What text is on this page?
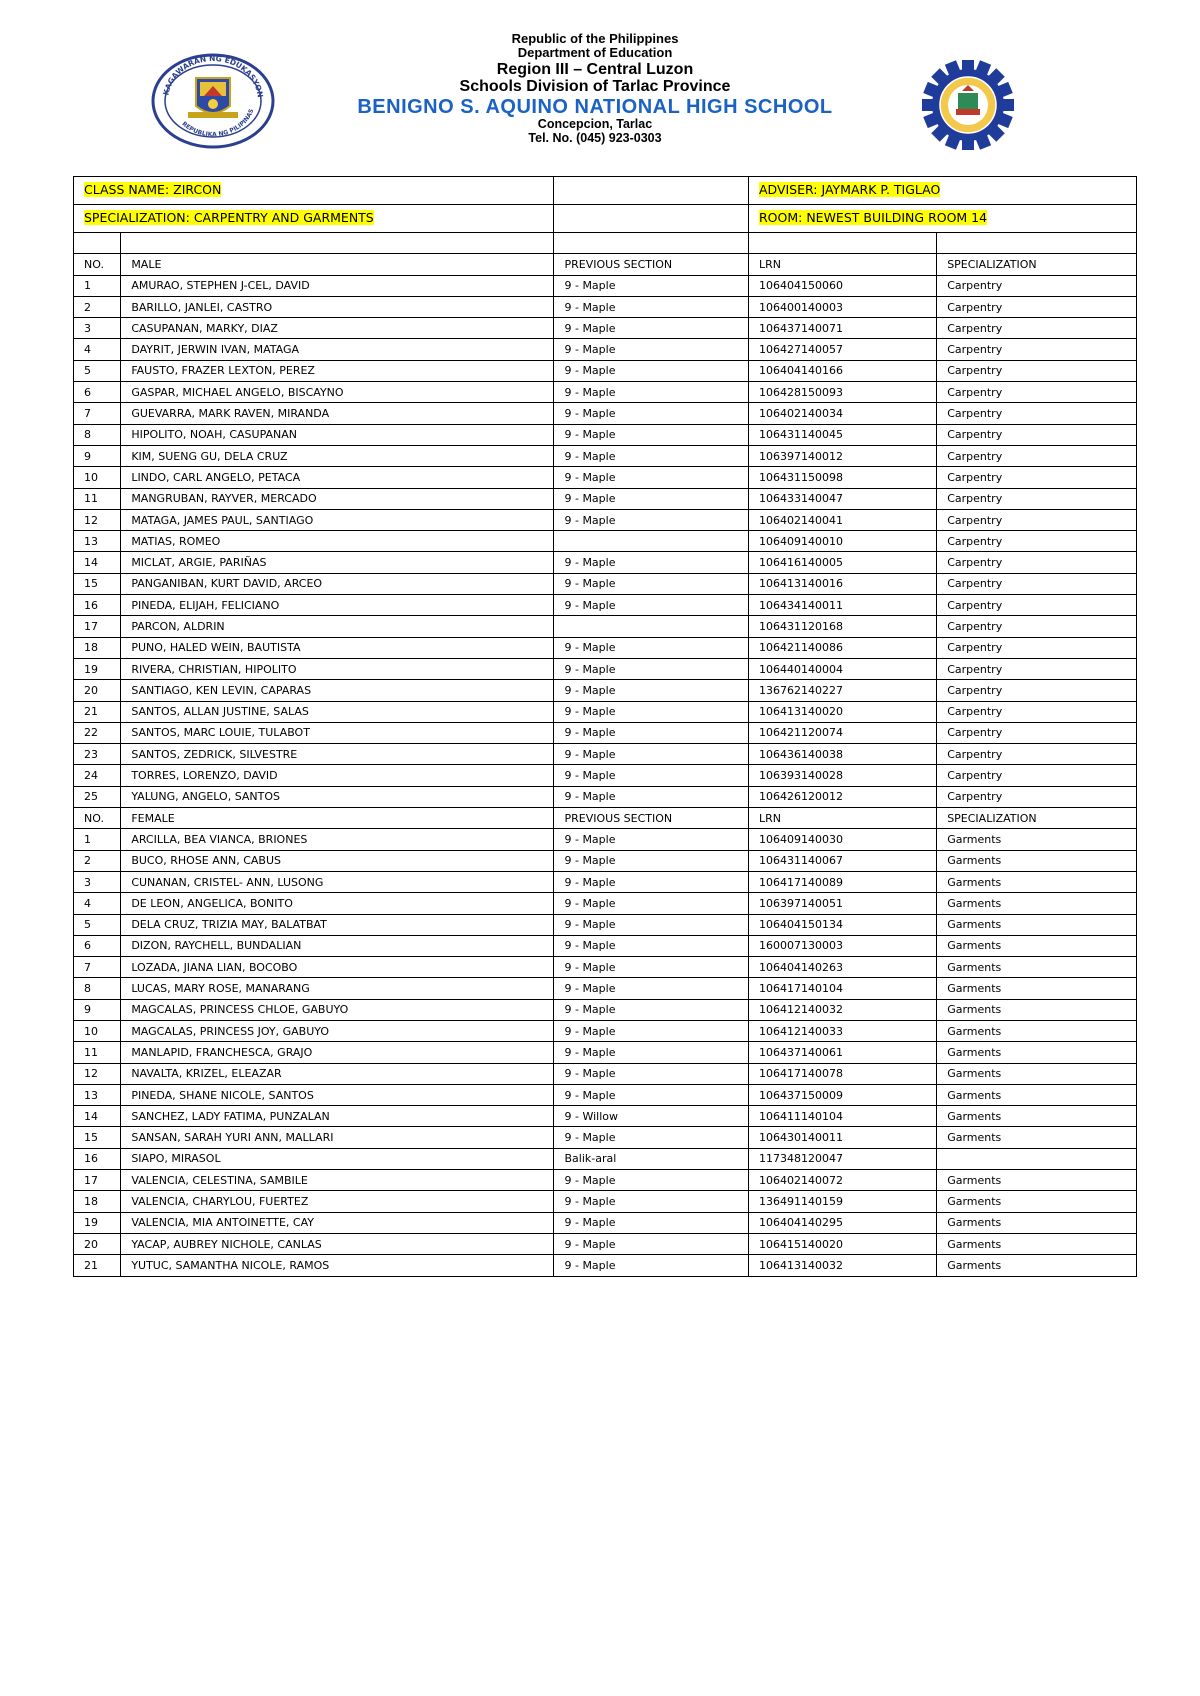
KAGAWARAN NG EDUKASYON
REPUBLIKA NG PILIPINAS
Republic of the Philippines
Department of Education
Region III – Central Luzon
Schools Division of Tarlac Province
BENIGNO S. AQUINO NATIONAL HIGH SCHOOL
Concepcion, Tarlac
Tel. No. (045) 923-0303
CLASS NAME: ZIRCON			ADVISER: JAYMARK P. TIGLAO	
SPECIALIZATION: CARPENTRY AND GARMENTS			ROOM: NEWEST BUILDING ROOM 14	

NO.	MALE	PREVIOUS SECTION	LRN	SPECIALIZATION
1	AMURAO, STEPHEN J-CEL, DAVID	9 - Maple	106404150060	Carpentry
2	BARILLO, JANLEI, CASTRO	9 - Maple	106400140003	Carpentry
3	CASUPANAN, MARKY, DIAZ	9 - Maple	106437140071	Carpentry
4	DAYRIT, JERWIN IVAN, MATAGA	9 - Maple	106427140057	Carpentry
5	FAUSTO, FRAZER LEXTON, PEREZ	9 - Maple	106404140166	Carpentry
6	GASPAR, MICHAEL ANGELO, BISCAYNO	9 - Maple	106428150093	Carpentry
7	GUEVARRA, MARK RAVEN, MIRANDA	9 - Maple	106402140034	Carpentry
8	HIPOLITO, NOAH, CASUPANAN	9 - Maple	106431140045	Carpentry
9	KIM, SUENG GU, DELA CRUZ	9 - Maple	106397140012	Carpentry
10	LINDO, CARL ANGELO, PETACA	9 - Maple	106431150098	Carpentry
11	MANGRUBAN, RAYVER, MERCADO	9 - Maple	106433140047	Carpentry
12	MATAGA, JAMES PAUL, SANTIAGO	9 - Maple	106402140041	Carpentry
13	MATIAS, ROMEO		106409140010	Carpentry
14	MICLAT, ARGIE, PARIÑAS	9 - Maple	106416140005	Carpentry
15	PANGANIBAN, KURT DAVID, ARCEO	9 - Maple	106413140016	Carpentry
16	PINEDA, ELIJAH, FELICIANO	9 - Maple	106434140011	Carpentry
17	PARCON, ALDRIN		106431120168	Carpentry
18	PUNO, HALED WEIN, BAUTISTA	9 - Maple	106421140086	Carpentry
19	RIVERA, CHRISTIAN, HIPOLITO	9 - Maple	106440140004	Carpentry
20	SANTIAGO, KEN LEVIN, CAPARAS	9 - Maple	136762140227	Carpentry
21	SANTOS, ALLAN JUSTINE, SALAS	9 - Maple	106413140020	Carpentry
22	SANTOS, MARC LOUIE, TULABOT	9 - Maple	106421120074	Carpentry
23	SANTOS, ZEDRICK, SILVESTRE	9 - Maple	106436140038	Carpentry
24	TORRES, LORENZO, DAVID	9 - Maple	106393140028	Carpentry
25	YALUNG, ANGELO, SANTOS	9 - Maple	106426120012	Carpentry
NO.	FEMALE	PREVIOUS SECTION	LRN	SPECIALIZATION
1	ARCILLA, BEA VIANCA, BRIONES	9 - Maple	106409140030	Garments
2	BUCO, RHOSE ANN, CABUS	9 - Maple	106431140067	Garments
3	CUNANAN, CRISTEL- ANN, LUSONG	9 - Maple	106417140089	Garments
4	DE LEON, ANGELICA, BONITO	9 - Maple	106397140051	Garments
5	DELA CRUZ, TRIZIA MAY, BALATBAT	9 - Maple	106404150134	Garments
6	DIZON, RAYCHELL, BUNDALIAN	9 - Maple	160007130003	Garments
7	LOZADA, JIANA LIAN, BOCOBO	9 - Maple	106404140263	Garments
8	LUCAS, MARY ROSE, MANARANG	9 - Maple	106417140104	Garments
9	MAGCALAS, PRINCESS CHLOE, GABUYO	9 - Maple	106412140032	Garments
10	MAGCALAS, PRINCESS JOY, GABUYO	9 - Maple	106412140033	Garments
11	MANLAPID, FRANCHESCA, GRAJO	9 - Maple	106437140061	Garments
12	NAVALTA, KRIZEL, ELEAZAR	9 - Maple	106417140078	Garments
13	PINEDA, SHANE NICOLE, SANTOS	9 - Maple	106437150009	Garments
14	SANCHEZ, LADY FATIMA, PUNZALAN	9 - Willow	106411140104	Garments
15	SANSAN, SARAH YURI ANN, MALLARI	9 - Maple	106430140011	Garments
16	SIAPO, MIRASOL	Balik-aral	117348120047	
17	VALENCIA, CELESTINA, SAMBILE	9 - Maple	106402140072	Garments
18	VALENCIA, CHARYLOU, FUERTEZ	9 - Maple	136491140159	Garments
19	VALENCIA, MIA ANTOINETTE, CAY	9 - Maple	106404140295	Garments
20	YACAP, AUBREY NICHOLE, CANLAS	9 - Maple	106415140020	Garments
21	YUTUC, SAMANTHA NICOLE, RAMOS	9 - Maple	106413140032	Garments
